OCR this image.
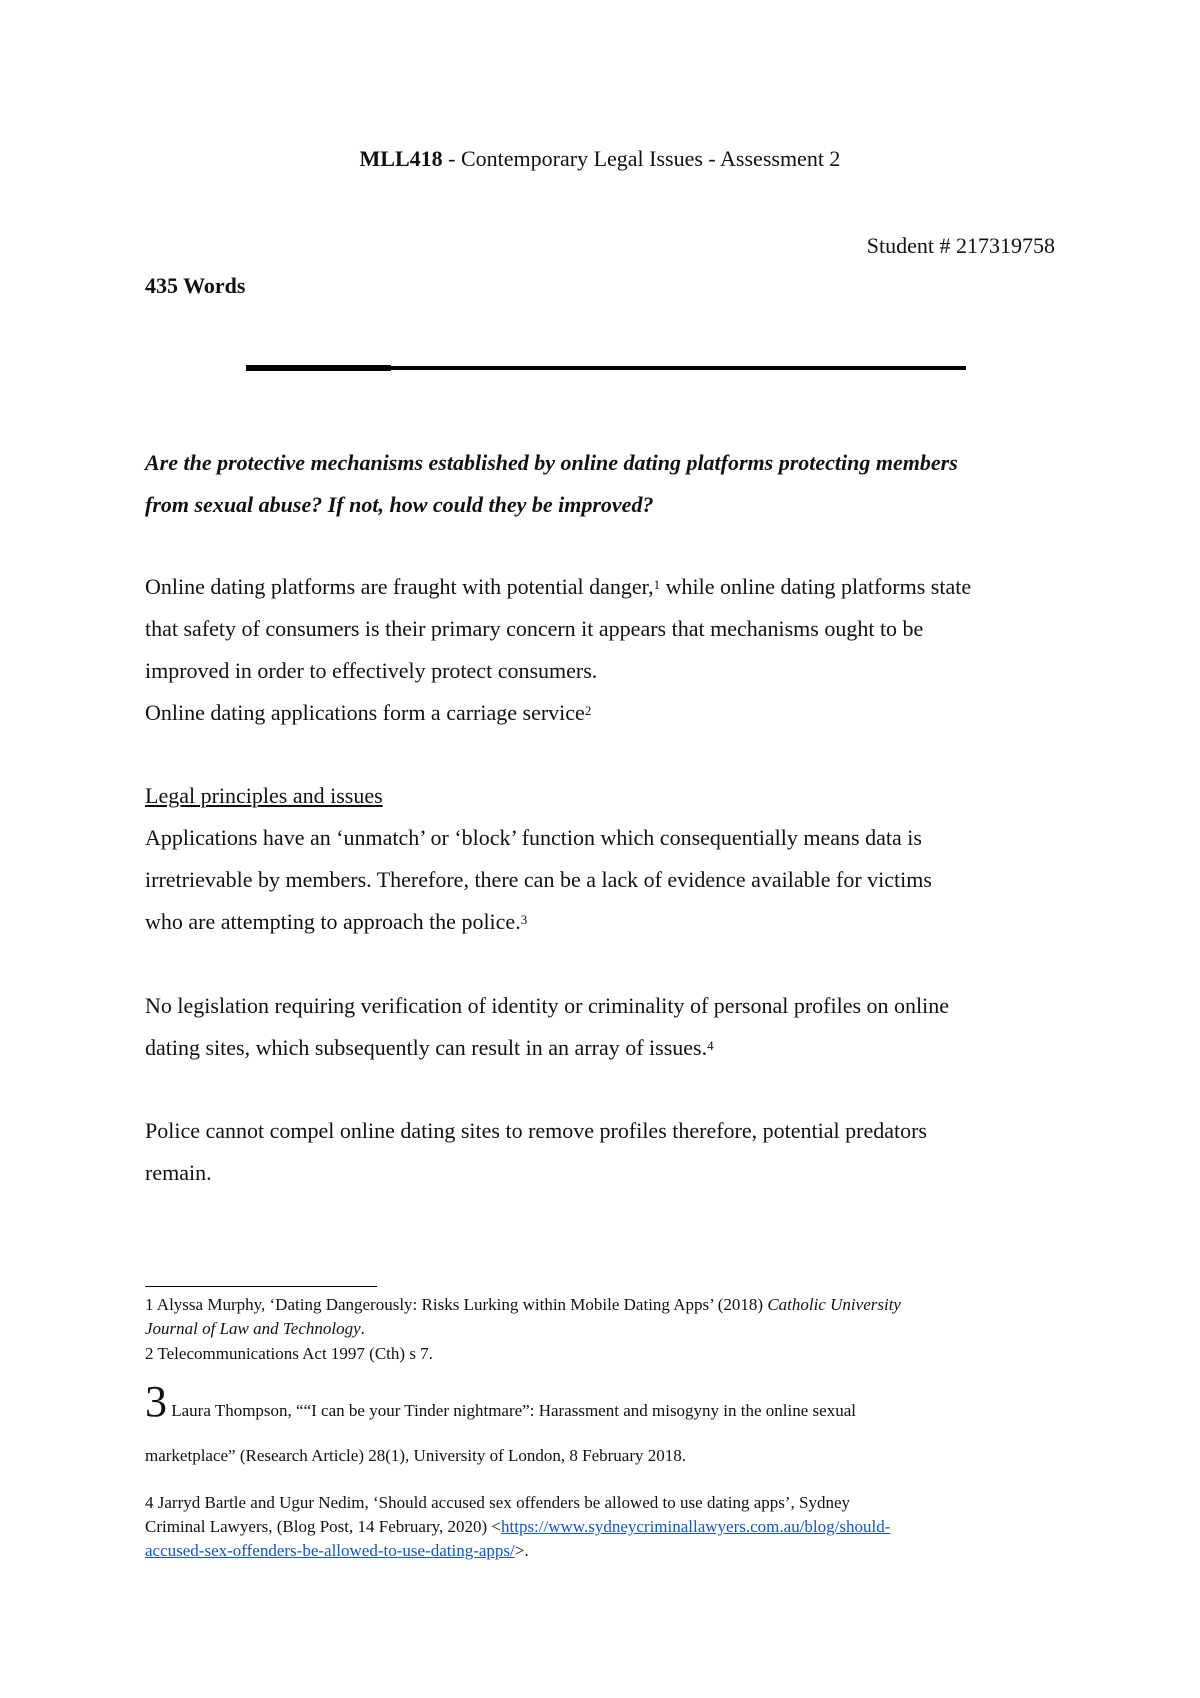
MLL418 - Contemporary Legal Issues - Assessment 2
Student # 217319758
435 Words
Are the protective mechanisms established by online dating platforms protecting members
from sexual abuse? If not, how could they be improved?
Online dating platforms are fraught with potential danger,$^1$ while online dating platforms state
that safety of consumers is their primary concern it appears that mechanisms ought to be
improved in order to effectively protect consumers.
Online dating applications form a carriage service$^2$
Legal principles and issues
Applications have an ‘unmatch’ or ‘block’ function which consequentially means data is
irretrievable by members. Therefore, there can be a lack of evidence available for victims
who are attempting to approach the police.$^3$
No legislation requiring verification of identity or criminality of personal profiles on online
dating sites, which subsequently can result in an array of issues.$^4$
Police cannot compel online dating sites to remove profiles therefore, potential predators
remain.
1 Alyssa Murphy, ‘Dating Dangerously: Risks Lurking within Mobile Dating Apps’ (2018) Catholic University
Journal of Law and Technology.
2 Telecommunications Act 1997 (Cth) s 7.
3 Laura Thompson, ““I can be your Tinder nightmare”: Harassment and misogyny in the online sexual
marketplace” (Research Article) 28(1), University of London, 8 February 2018.
4 Jarryd Bartle and Ugur Nedim, ‘Should accused sex offenders be allowed to use dating apps’, Sydney
Criminal Lawyers, (Blog Post, 14 February, 2020) <https://www.sydneycriminallawyers.com.au/blog/should-
accused-sex-offenders-be-allowed-to-use-dating-apps/>.
